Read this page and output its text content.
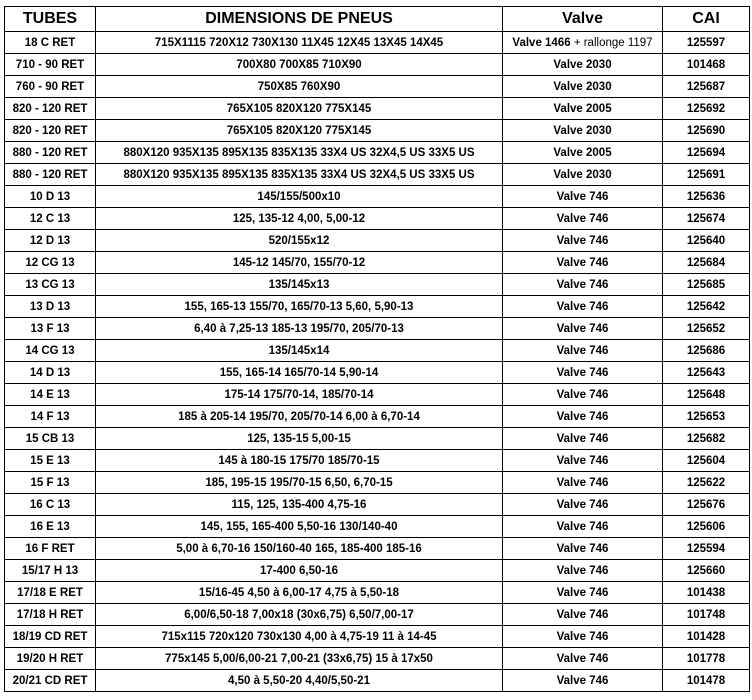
TUBES	DIMENSIONS DE PNEUS	Valve	CAI
18 C RET	715X1115 720X12 730X130 11X45 12X45 13X45 14X45	Valve 1466 + rallonge 1197	125597
710 - 90 RET	700X80 700X85 710X90	Valve 2030	101468
760 - 90 RET	750X85 760X90	Valve 2030	125687
820 - 120 RET	765X105 820X120 775X145	Valve 2005	125692
820 - 120 RET	765X105 820X120 775X145	Valve 2030	125690
880 - 120 RET	880X120 935X135 895X135 835X135 33X4 US 32X4,5 US 33X5 US	Valve 2005	125694
880 - 120 RET	880X120 935X135 895X135 835X135 33X4 US 32X4,5 US 33X5 US	Valve 2030	125691
10 D 13	145/155/500x10	Valve 746	125636
12 C 13	125, 135-12 4,00, 5,00-12	Valve 746	125674
12 D 13	520/155x12	Valve 746	125640
12 CG 13	145-12 145/70, 155/70-12	Valve 746	125684
13 CG 13	135/145x13	Valve 746	125685
13 D 13	155, 165-13 155/70, 165/70-13 5,60, 5,90-13	Valve 746	125642
13 F 13	6,40 à 7,25-13 185-13 195/70, 205/70-13	Valve 746	125652
14 CG 13	135/145x14	Valve 746	125686
14 D 13	155, 165-14 165/70-14 5,90-14	Valve 746	125643
14 E 13	175-14 175/70-14, 185/70-14	Valve 746	125648
14 F 13	185 à 205-14 195/70, 205/70-14 6,00 à 6,70-14	Valve 746	125653
15 CB 13	125, 135-15 5,00-15	Valve 746	125682
15 E 13	145 à 180-15 175/70 185/70-15	Valve 746	125604
15 F 13	185, 195-15 195/70-15 6,50, 6,70-15	Valve 746	125622
16 C 13	115, 125, 135-400 4,75-16	Valve 746	125676
16 E 13	145, 155, 165-400 5,50-16 130/140-40	Valve 746	125606
16 F RET	5,00 à 6,70-16 150/160-40 165, 185-400 185-16	Valve 746	125594
15/17 H 13	17-400 6,50-16	Valve 746	125660
17/18 E RET	15/16-45 4,50 à 6,00-17 4,75 à 5,50-18	Valve 746	101438
17/18 H RET	6,00/6,50-18 7,00x18 (30x6,75) 6,50/7,00-17	Valve 746	101748
18/19 CD RET	715x115 720x120 730x130 4,00 à 4,75-19 11 à 14-45	Valve 746	101428
19/20 H RET	775x145 5,00/6,00-21 7,00-21 (33x6,75) 15 à 17x50	Valve 746	101778
20/21 CD RET	4,50 à 5,50-20 4,40/5,50-21	Valve 746	101478
